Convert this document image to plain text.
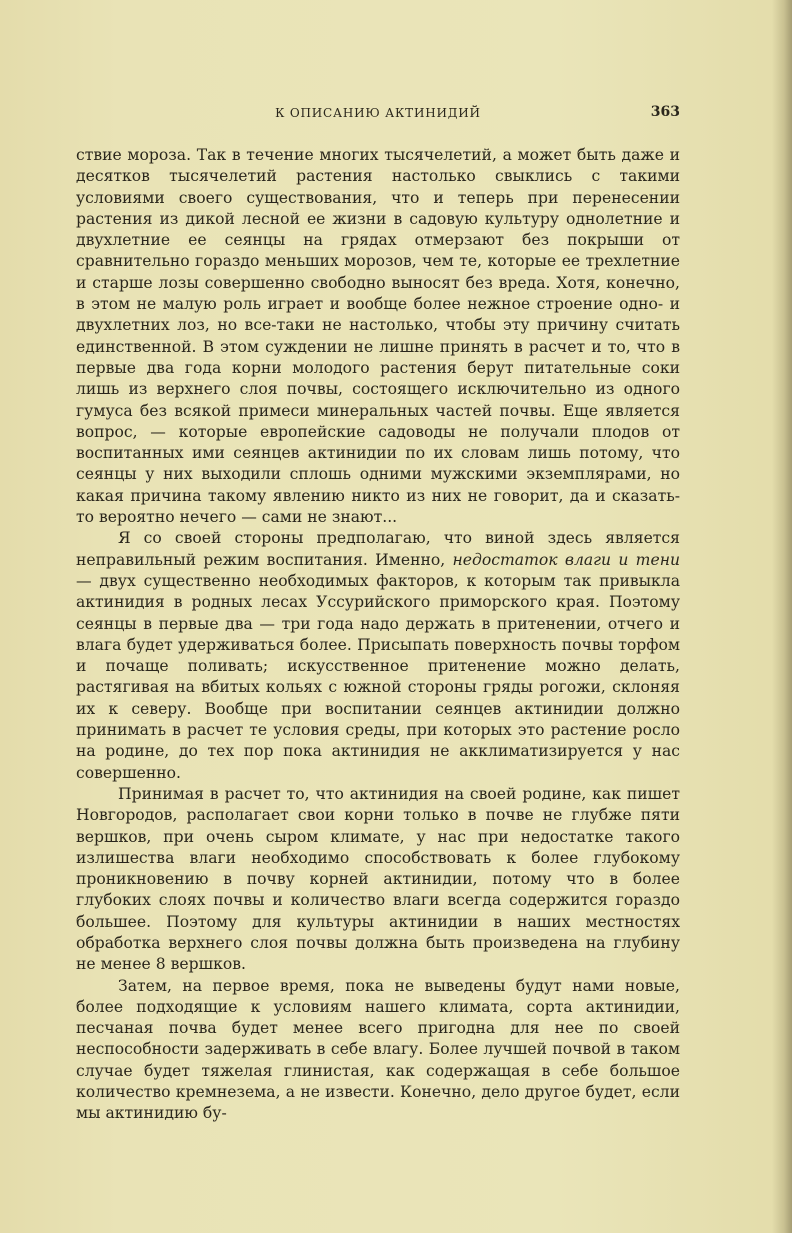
К ОПИСАНИЮ АКТИНИДИЙ	363

ствие мороза. Так в течение многих тысячелетий, а может быть даже и десятков тысячелетий растения настолько свыклись с такими условиями своего существования, что и теперь при перенесении растения из дикой лесной ее жизни в садовую культуру однолетние и двухлетние ее сеянцы на грядах отмерзают без покрыши от сравнительно гораздо меньших морозов, чем те, которые ее трехлетние и старше лозы совершенно свободно выносят без вреда. Хотя, конечно, в этом не малую роль играет и вообще более нежное строение одно- и двухлетних лоз, но все-таки не настолько, чтобы эту причину считать единственной. В этом суждении не лишне принять в расчет и то, что в первые два года корни молодого растения берут питательные соки лишь из верхнего слоя почвы, состоящего исключительно из одного гумуса без всякой примеси минеральных частей почвы. Еще является вопрос, — которые европейские садоводы не получали плодов от воспитанных ими сеянцев актинидии по их словам лишь потому, что сеянцы у них выходили сплошь одними мужскими экземплярами, но какая причина такому явлению никто из них не говорит, да и сказать-то вероятно нечего — сами не знают...

Я со своей стороны предполагаю, что виной здесь является неправильный режим воспитания. Именно, недостаток влаги и тени — двух существенно необходимых факторов, к которым так привыкла актинидия в родных лесах Уссурийского приморского края. Поэтому сеянцы в первые два — три года надо держать в притенении, отчего и влага будет удерживаться более. Присыпать поверхность почвы торфом и почаще поливать; искусственное притенение можно делать, растягивая на вбитых кольях с южной стороны гряды рогожи, склоняя их к северу. Вообще при воспитании сеянцев актинидии должно принимать в расчет те условия среды, при которых это растение росло на родине, до тех пор пока актинидия не акклиматизируется у нас совершенно.

Принимая в расчет то, что актинидия на своей родине, как пишет Новгородов, располагает свои корни только в почве не глубже пяти вершков, при очень сыром климате, у нас при недостатке такого излишества влаги необходимо способствовать к более глубокому проникновению в почву корней актинидии, потому что в более глубоких слоях почвы и количество влаги всегда содержится гораздо большее. Поэтому для культуры актинидии в наших местностях обработка верхнего слоя почвы должна быть произведена на глубину не менее 8 вершков.

Затем, на первое время, пока не выведены будут нами новые, более подходящие к условиям нашего климата, сорта актинидии, песчаная почва будет менее всего пригодна для нее по своей неспособности задерживать в себе влагу. Более лучшей почвой в таком случае будет тяжелая глинистая, как содержащая в себе большое количество кремнезема, а не извести. Конечно, дело другое будет, если мы актинидию бу-
